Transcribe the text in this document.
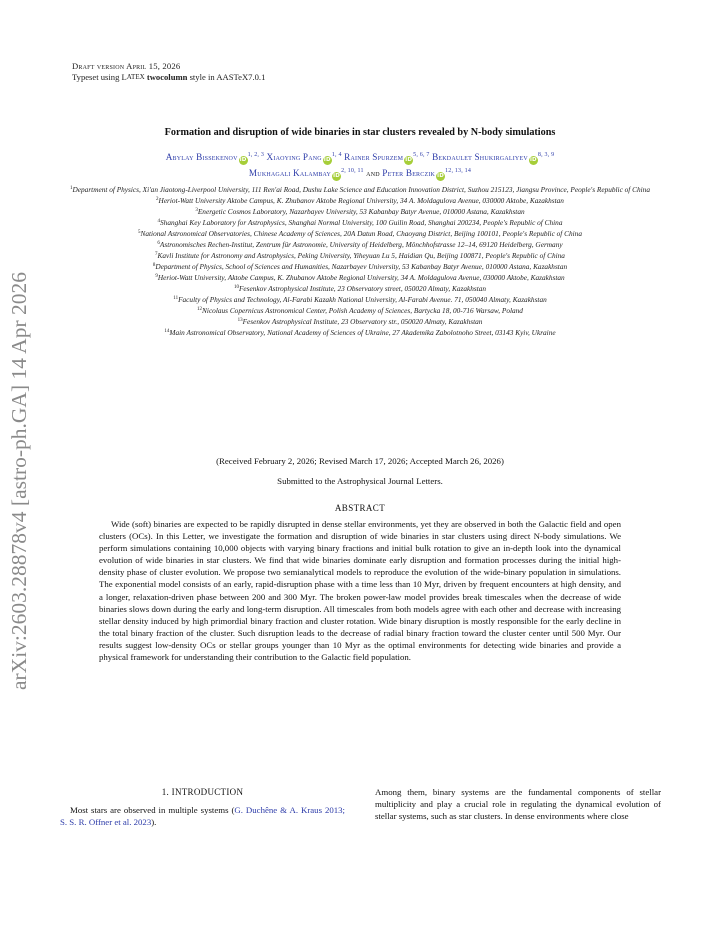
arXiv:2603.28878v4 [astro-ph.GA] 14 Apr 2026
Draft version April 15, 2026
Typeset using LATEX twocolumn style in AASTeX7.0.1
Formation and disruption of wide binaries in star clusters revealed by N-body simulations
Abylay Bissekenov iD$^{1, 2, 3}$ Xiaoying Pang iD$^{1, 4}$ Rainer Spurzem iD$^{5, 6, 7}$ Bekdaulet Shukirgaliyev iD$^{8, 3, 9}$
Mukhagali Kalambay iD$^{2, 10, 11}$ and Peter Berczik iD$^{12, 13, 14}$
$^1$Department of Physics, Xi'an Jiaotong-Liverpool University, 111 Ren'ai Road, Dushu Lake Science and Education Innovation District, Suzhou 215123, Jiangsu Province, People's Republic of China
$^2$Heriot-Watt University Aktobe Campus, K. Zhubanov Aktobe Regional University, 34 A. Moldagulova Avenue, 030000 Aktobe, Kazakhstan
$^3$Energetic Cosmos Laboratory, Nazarbayev University, 53 Kabanbay Batyr Avenue, 010000 Astana, Kazakhstan
$^4$Shanghai Key Laboratory for Astrophysics, Shanghai Normal University, 100 Guilin Road, Shanghai 200234, People's Republic of China
$^5$National Astronomical Observatories, Chinese Academy of Sciences, 20A Datun Road, Chaoyang District, Beijing 100101, People's Republic of China
$^6$Astronomisches Rechen-Institut, Zentrum für Astronomie, University of Heidelberg, Mönchhofstrasse 12–14, 69120 Heidelberg, Germany
$^7$Kavli Institute for Astronomy and Astrophysics, Peking University, Yiheyuan Lu 5, Haidian Qu, Beijing 100871, People's Republic of China
$^8$Department of Physics, School of Sciences and Humanities, Nazarbayev University, 53 Kabanbay Batyr Avenue, 010000 Astana, Kazakhstan
$^9$Heriot-Watt University, Aktobe Campus, K. Zhubanov Aktobe Regional University, 34 A. Moldagulova Avenue, 030000 Aktobe, Kazakhstan
$^{10}$Fesenkov Astrophysical Institute, 23 Observatory street, 050020 Almaty, Kazakhstan
$^{11}$Faculty of Physics and Technology, Al-Farabi Kazakh National University, Al-Farabi Avenue. 71, 050040 Almaty, Kazakhstan
$^{12}$Nicolaus Copernicus Astronomical Center, Polish Academy of Sciences, Bartycka 18, 00-716 Warsaw, Poland
$^{13}$Fesenkov Astrophysical Institute, 23 Observatory str., 050020 Almaty, Kazakhstan
$^{14}$Main Astronomical Observatory, National Academy of Sciences of Ukraine, 27 Akademika Zabolotnoho Street, 03143 Kyiv, Ukraine
(Received February 2, 2026; Revised March 17, 2026; Accepted March 26, 2026)
Submitted to the Astrophysical Journal Letters.
ABSTRACT

Wide (soft) binaries are expected to be rapidly disrupted in dense stellar environments, yet they are observed in both the Galactic field and open clusters (OCs). In this Letter, we investigate the formation and disruption of wide binaries in star clusters using direct N-body simulations. We perform simulations containing 10,000 objects with varying binary fractions and initial bulk rotation to give an in-depth look into the dynamical evolution of wide binaries in star clusters. We find that wide binaries dominate early disruption and formation processes during the initial high-density phase of cluster evolution. We propose two semianalytical models to reproduce the evolution of the wide-binary population in simulations. The exponential model consists of an early, rapid-disruption phase with a time less than 10 Myr, driven by frequent encounters at high density, and a longer, relaxation-driven phase between 200 and 300 Myr. The broken power-law model provides break timescales when the decrease of wide binaries slows down during the early and long-term disruption. All timescales from both models agree with each other and decrease with increasing stellar density induced by high primordial binary fraction and cluster rotation. Wide binary disruption is mostly responsible for the early decline in the total binary fraction of the cluster. Such disruption leads to the decrease of radial binary fraction toward the cluster center until 500 Myr. Our results suggest low-density OCs or stellar groups younger than 10 Myr as the optimal environments for detecting wide binaries and provide a physical framework for understanding their contribution to the Galactic field population.

1. INTRODUCTION

Most stars are observed in multiple systems (G. Duchêne & A. Kraus 2013; S. S. R. Offner et al. 2023).

Among them, binary systems are the fundamental components of stellar multiplicity and play a crucial role in regulating the dynamical evolution of stellar systems, such as star clusters. In dense environments where close
